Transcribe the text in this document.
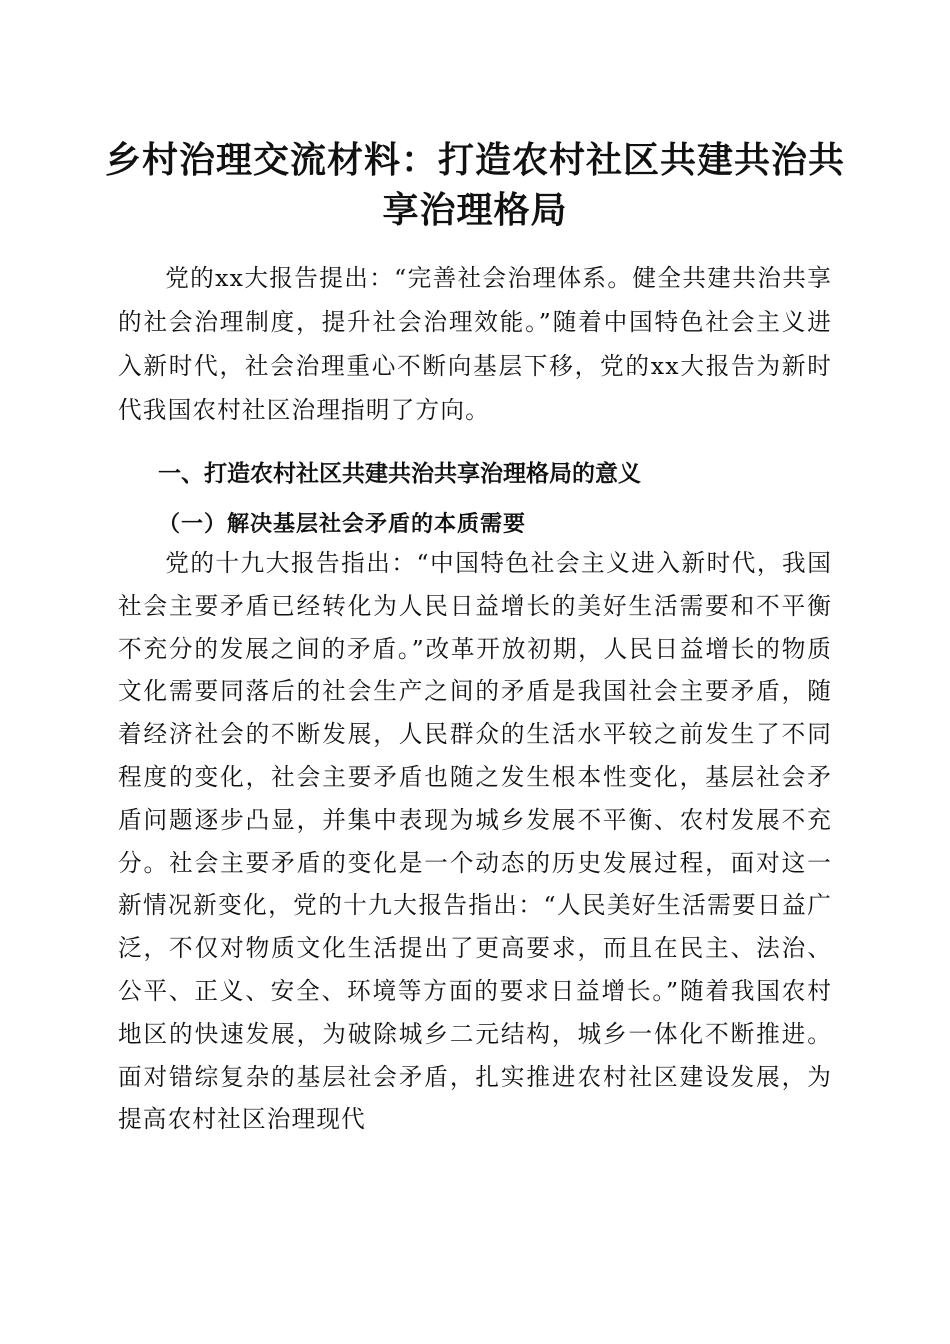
乡村治理交流材料：打造农村社区共建共治共
享治理格局

党的xx大报告提出：“完善社会治理体系。健全共建共治共享的社会治理制度，提升社会治理效能。”随着中国特色社会主义进入新时代，社会治理重心不断向基层下移，党的xx大报告为新时代我国农村社区治理指明了方向。

一、打造农村社区共建共治共享治理格局的意义
（一）解决基层社会矛盾的本质需要

党的十九大报告指出：“中国特色社会主义进入新时代，我国社会主要矛盾已经转化为人民日益增长的美好生活需要和不平衡不充分的发展之间的矛盾。”改革开放初期，人民日益增长的物质文化需要同落后的社会生产之间的矛盾是我国社会主要矛盾，随着经济社会的不断发展，人民群众的生活水平较之前发生了不同程度的变化，社会主要矛盾也随之发生根本性变化，基层社会矛盾问题逐步凸显，并集中表现为城乡发展不平衡、农村发展不充分。社会主要矛盾的变化是一个动态的历史发展过程，面对这一新情况新变化，党的十九大报告指出：“人民美好生活需要日益广泛，不仅对物质文化生活提出了更高要求，而且在民主、法治、公平、正义、安全、环境等方面的要求日益增长。”随着我国农村地区的快速发展，为破除城乡二元结构，城乡一体化不断推进。面对错综复杂的基层社会矛盾，扎实推进农村社区建设发展，为提高农村社区治理现代
